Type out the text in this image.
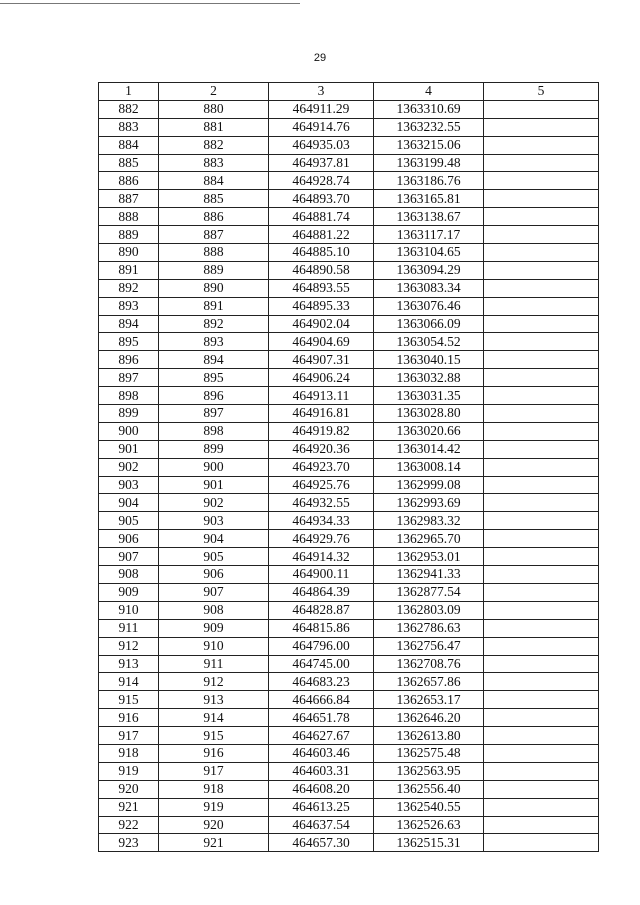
29
1	2	3	4	5
882	880	464911.29	1363310.69	
883	881	464914.76	1363232.55	
884	882	464935.03	1363215.06	
885	883	464937.81	1363199.48	
886	884	464928.74	1363186.76	
887	885	464893.70	1363165.81	
888	886	464881.74	1363138.67	
889	887	464881.22	1363117.17	
890	888	464885.10	1363104.65	
891	889	464890.58	1363094.29	
892	890	464893.55	1363083.34	
893	891	464895.33	1363076.46	
894	892	464902.04	1363066.09	
895	893	464904.69	1363054.52	
896	894	464907.31	1363040.15	
897	895	464906.24	1363032.88	
898	896	464913.11	1363031.35	
899	897	464916.81	1363028.80	
900	898	464919.82	1363020.66	
901	899	464920.36	1363014.42	
902	900	464923.70	1363008.14	
903	901	464925.76	1362999.08	
904	902	464932.55	1362993.69	
905	903	464934.33	1362983.32	
906	904	464929.76	1362965.70	
907	905	464914.32	1362953.01	
908	906	464900.11	1362941.33	
909	907	464864.39	1362877.54	
910	908	464828.87	1362803.09	
911	909	464815.86	1362786.63	
912	910	464796.00	1362756.47	
913	911	464745.00	1362708.76	
914	912	464683.23	1362657.86	
915	913	464666.84	1362653.17	
916	914	464651.78	1362646.20	
917	915	464627.67	1362613.80	
918	916	464603.46	1362575.48	
919	917	464603.31	1362563.95	
920	918	464608.20	1362556.40	
921	919	464613.25	1362540.55	
922	920	464637.54	1362526.63	
923	921	464657.30	1362515.31	
